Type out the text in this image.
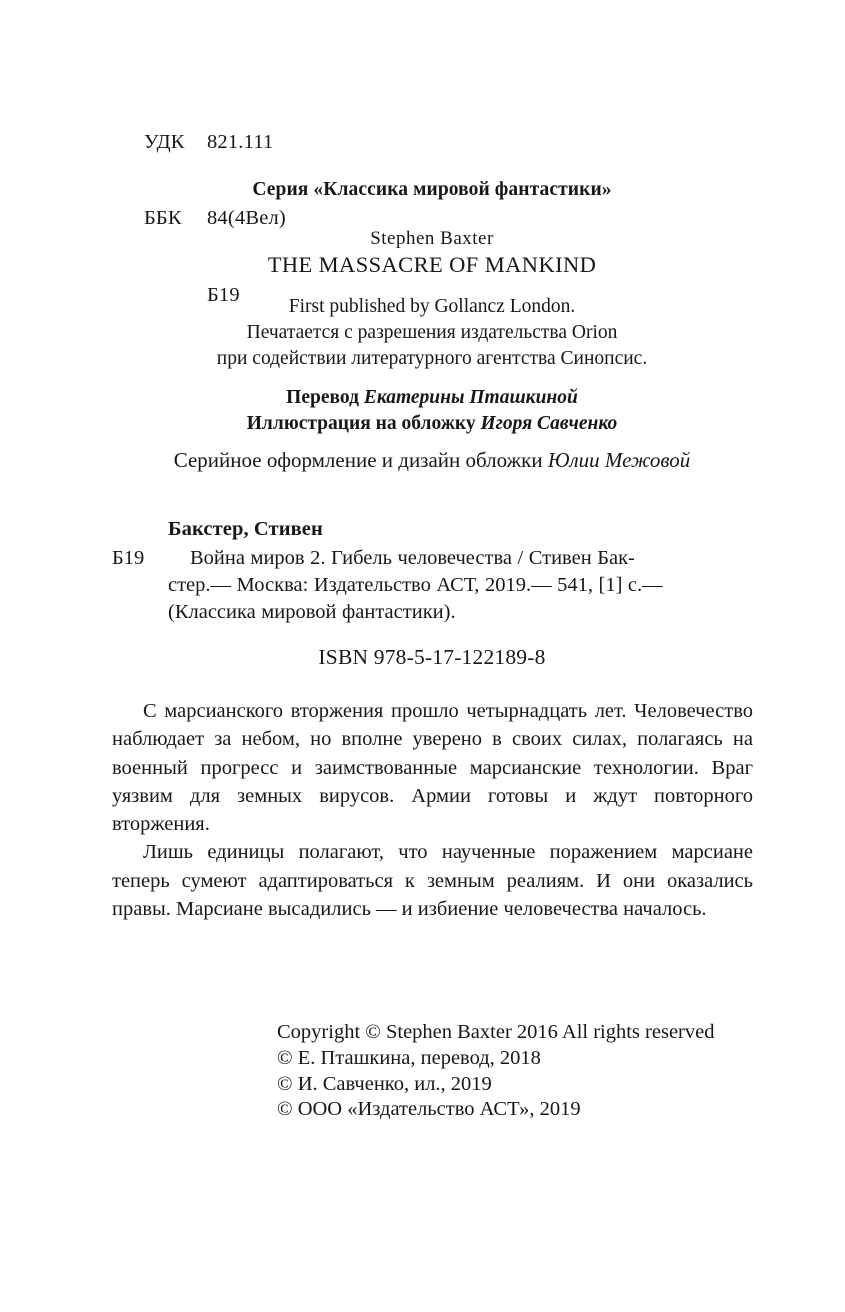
УДК 821.111

ББК 84(4Вел)

Б19

Серия «Классика мировой фантастики»
Stephen Baxter
THE MASSACRE OF MANKIND
First published by Gollancz London.
Печатается с разрешения издательства Orion
при содействии литературного агентства Синопсис.
Перевод Екатерины Пташкиной
Иллюстрация на обложку Игоря Савченко
Серийное оформление и дизайн обложки Юлии Межовой
Бакстер, Стивен
Б19	Война миров 2. Гибель человечества / Стивен Бак-
стер.— Москва: Издательство АСТ, 2019.— 541, [1] с.—
(Классика мировой фантастики).
ISBN 978-5-17-122189-8

С марсианского вторжения прошло четырнадцать лет. Человечество наблюдает за небом, но вполне уверено в своих силах, полагаясь на военный прогресс и заимствованные марсианские технологии. Враг уязвим для земных вирусов. Армии готовы и ждут повторного вторжения.

Лишь единицы полагают, что наученные поражением марсиане теперь сумеют адаптироваться к земным реалиям. И они оказались правы. Марсиане высадились — и избиение человечества началось.

Copyright © Stephen Baxter 2016 All rights reserved
© Е. Пташкина, перевод, 2018
© И. Савченко, ил., 2019
© ООО «Издательство АСТ», 2019
